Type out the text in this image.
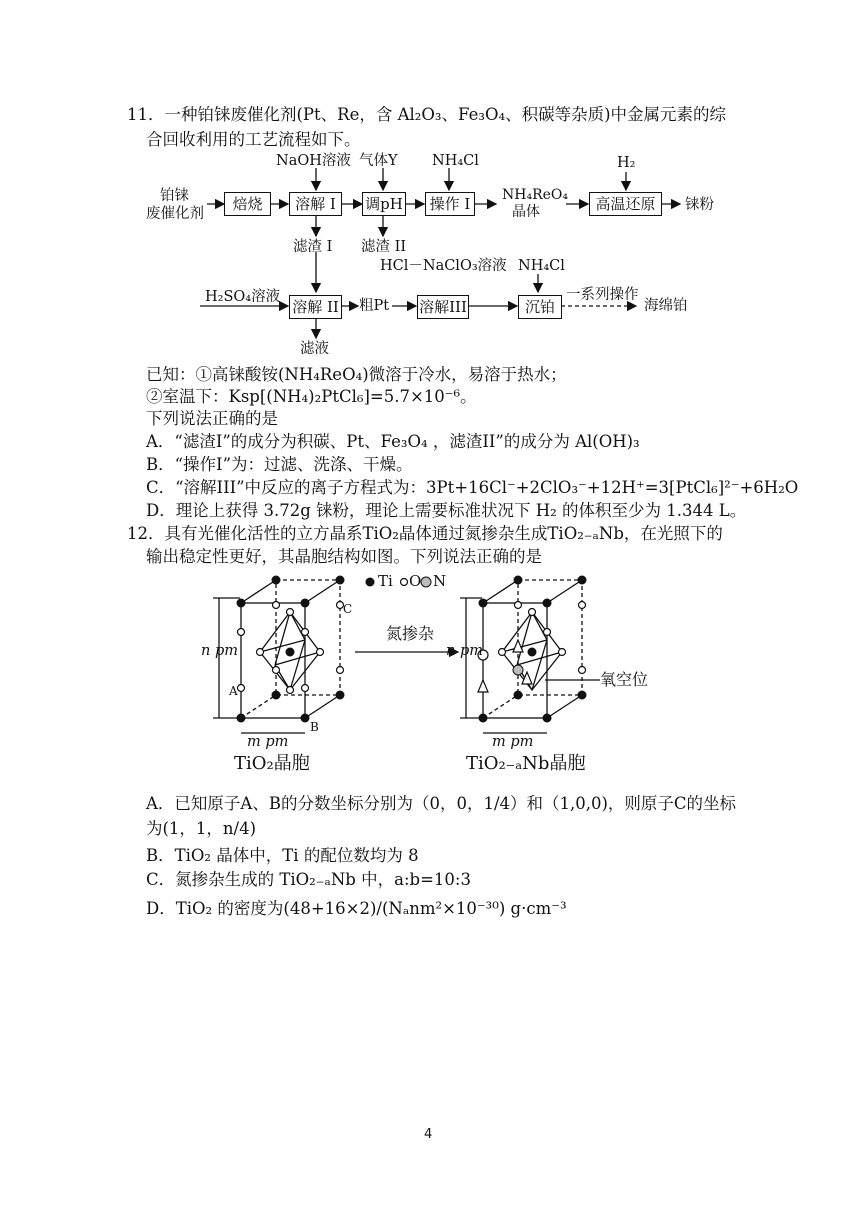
11．一种铂铼废催化剂(Pt、Re，含 Al₂O₃、Fe₃O₄、积碳等杂质)中金属元素的综
合回收利用的工艺流程如下。
铂铼
废催化剂
NaOH溶液 气体Y NH₄Cl	H₂
焙烧	溶解 I	调pH	操作 I	高温还原
NH₄ReO₄
晶体	铼粉
滤渣 I 滤渣 II
H₂SO₄溶液
HCl－NaClO₃溶液 NH₄Cl
溶解 II 粗Pt 溶解III	沉铂
一系列操作
海绵铂
滤液
已知：①高铼酸铵(NH₄ReO₄)微溶于冷水，易溶于热水；
②室温下：Ksp[(NH₄)₂PtCl₆]=5.7×10⁻⁶。
下列说法正确的是
A．“滤渣I”的成分为积碳、Pt、Fe₃O₄ ，滤渣II”的成分为 Al(OH)₃
B．“操作I”为：过滤、洗涤、干燥。
C．“溶解III”中反应的离子方程式为：3Pt+16Cl⁻+2ClO₃⁻+12H⁺=3[PtCl₆]²⁻+6H₂O
D．理论上获得 3.72g 铼粉，理论上需要标准状况下 H₂ 的体积至少为 1.344 L。
12．具有光催化活性的立方晶系TiO₂晶体通过氮掺杂生成TiO₂₋ₐNb，在光照下的
输出稳定性更好，其晶胞结构如图。下列说法正确的是
Ti O N
n pm
m pm
A
B
C
TiO₂晶胞
氮掺杂
n pm
m pm
氧空位
TiO₂₋ₐNb晶胞
A．已知原子A、B的分数坐标分别为（0，0，1/4）和（1,0,0)，则原子C的坐标
为(1，1，n/4)
B．TiO₂ 晶体中，Ti 的配位数均为 8
C．氮掺杂生成的 TiO₂₋ₐNb 中，a:b=10:3
D．TiO₂ 的密度为(48+16×2)/(Nₐnm²×10⁻³⁰) g·cm⁻³
4
